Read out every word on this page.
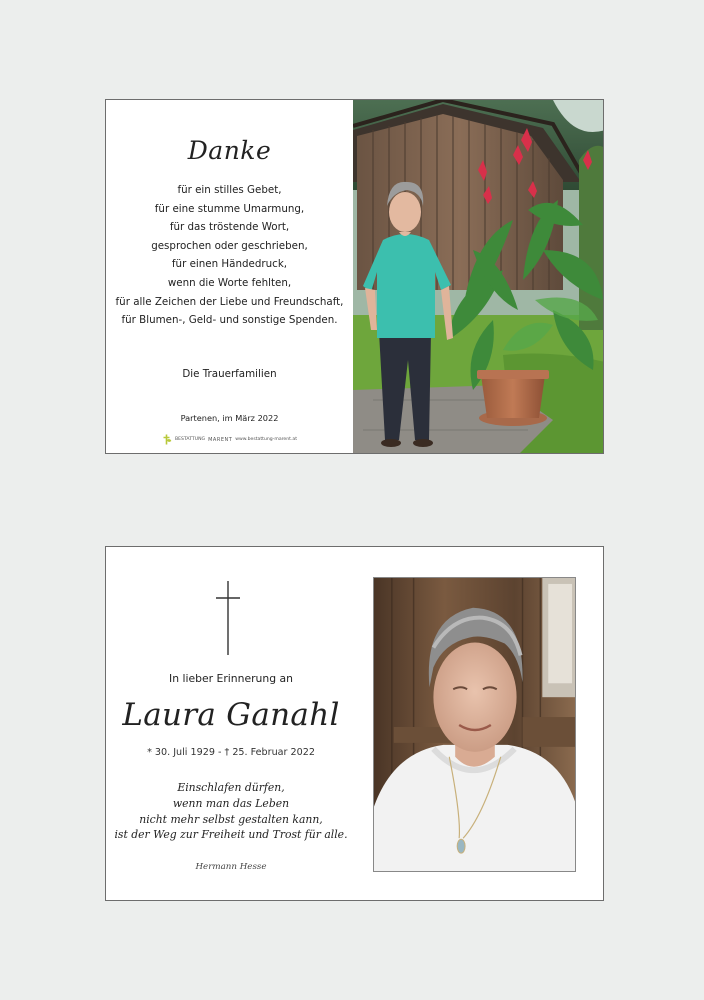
Danke
für ein stilles Gebet,
für eine stumme Umarmung,
für das tröstende Wort,
gesprochen oder geschrieben,
für einen Händedruck,
wenn die Worte fehlten,
für alle Zeichen der Liebe und Freundschaft,
für Blumen-, Geld- und sonstige Spenden.
Die Trauerfamilien
Partenen, im März 2022
BESTATTUNG MARENT www.bestattung-marent.at
In lieber Erinnerung an
Laura Ganahl
* 30. Juli 1929 - † 25. Februar 2022
Einschlafen dürfen,
wenn man das Leben
nicht mehr selbst gestalten kann,
ist der Weg zur Freiheit und Trost für alle.
Hermann Hesse
